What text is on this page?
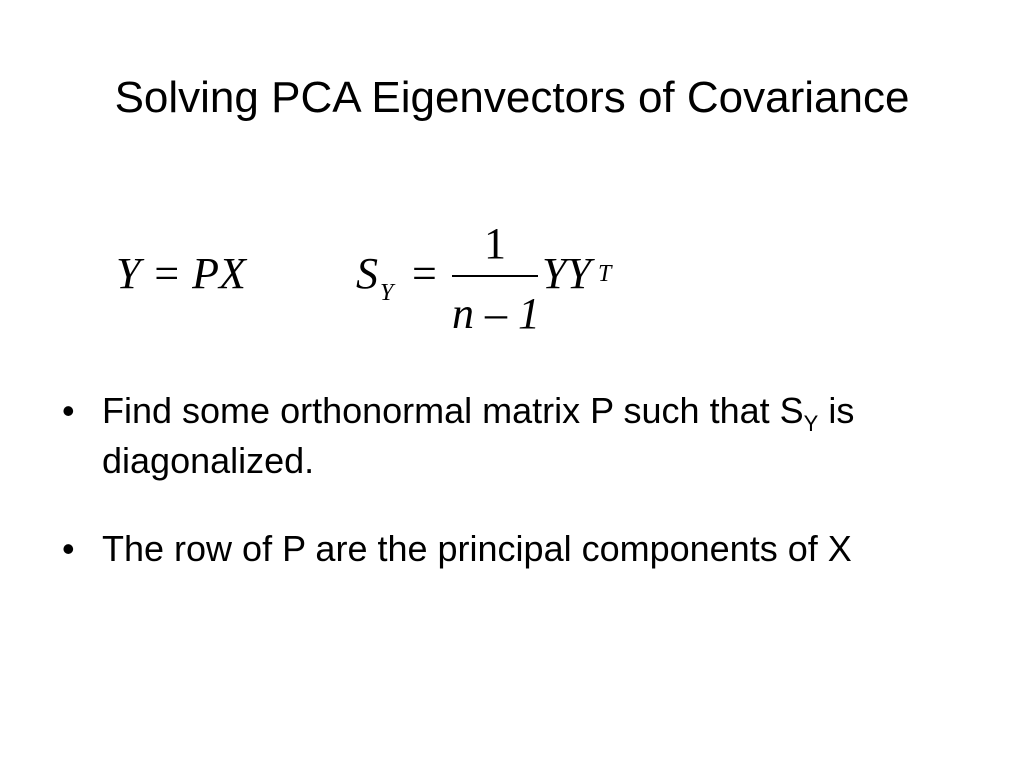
Solving PCA Eigenvectors of Covariance
Y = PX	$S_Y$ =
1
n – 1
YY T
• Find some orthonormal matrix P such that $S_Y$ is diagonalized.
• The row of P are the principal components of X
